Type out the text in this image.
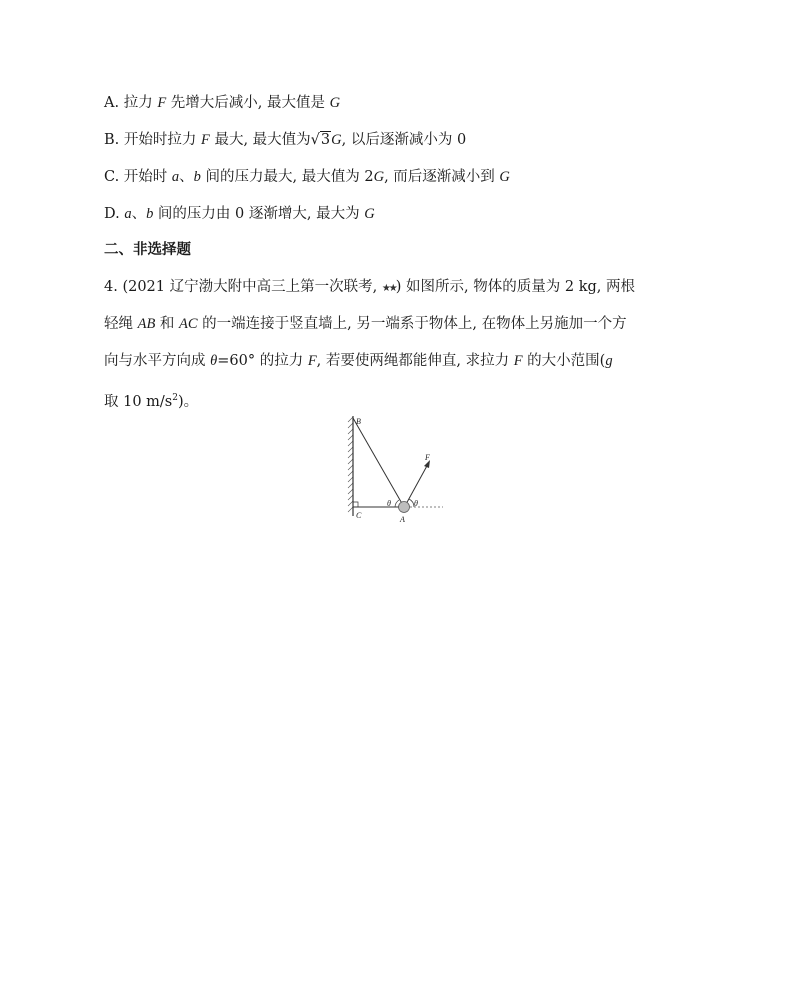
A. 拉力 F 先增大后减小, 最大值是 G
B. 开始时拉力 F 最大, 最大值为√3G, 以后逐渐减小为 0
C. 开始时 a、b 间的压力最大, 最大值为 2G, 而后逐渐减小到 G
D. a、b 间的压力由 0 逐渐增大, 最大为 G
二、非选择题
4. (2021 辽宁渤大附中高三上第一次联考, ★★) 如图所示, 物体的质量为 2 kg, 两根
轻绳 AB 和 AC 的一端连接于竖直墙上, 另一端系于物体上, 在物体上另施加一个方
向与水平方向成 θ=60° 的拉力 F, 若要使两绳都能伸直, 求拉力 F 的大小范围(g
取 10 $m/s^2$)。
B
C	A
F
θ	θ
